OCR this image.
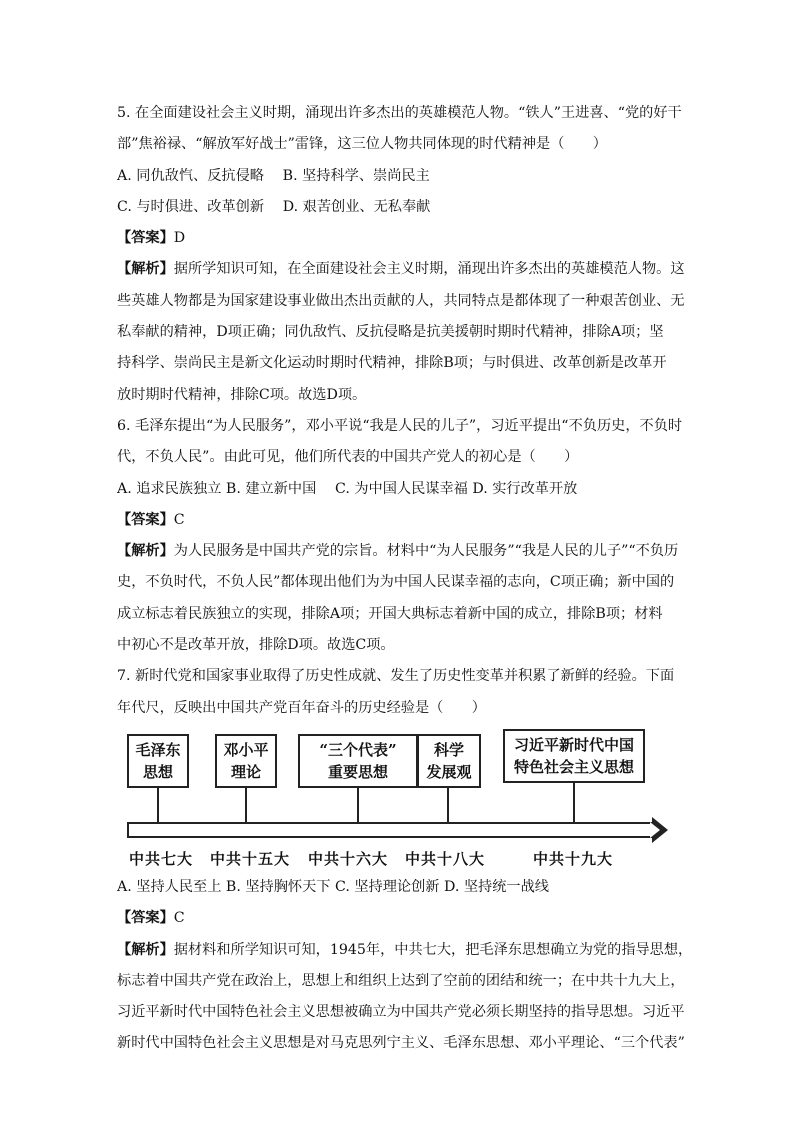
5. 在全面建设社会主义时期，涌现出许多杰出的英雄模范人物。“铁人”王进喜、“党的好干
部”焦裕禄、“解放军好战士”雷锋，这三位人物共同体现的时代精神是（　　）
A. 同仇敌忾、反抗侵略　 B. 坚持科学、崇尚民主
C. 与时俱进、改革创新　 D. 艰苦创业、无私奉献
【答案】D
【解析】据所学知识可知，在全面建设社会主义时期，涌现出许多杰出的英雄模范人物。这
些英雄人物都是为国家建设事业做出杰出贡献的人，共同特点是都体现了一种艰苦创业、无
私奉献的精神，D项正确；同仇敌忾、反抗侵略是抗美援朝时期时代精神，排除A项；坚
持科学、崇尚民主是新文化运动时期时代精神，排除B项；与时俱进、改革创新是改革开
放时期时代精神，排除C项。故选D项。
6. 毛泽东提出“为人民服务”，邓小平说“我是人民的儿子”，习近平提出“不负历史，不负时
代，不负人民”。由此可见，他们所代表的中国共产党人的初心是（　　）
A. 追求民族独立 B. 建立新中国　 C. 为中国人民谋幸福 D. 实行改革开放
【答案】C
【解析】为人民服务是中国共产党的宗旨。材料中“为人民服务”“我是人民的儿子”“不负历
史，不负时代，不负人民”都体现出他们为为中国人民谋幸福的志向，C项正确；新中国的
成立标志着民族独立的实现，排除A项；开国大典标志着新中国的成立，排除B项；材料
中初心不是改革开放，排除D项。故选C项。
7. 新时代党和国家事业取得了历史性成就、发生了历史性变革并积累了新鲜的经验。下面
年代尺，反映出中国共产党百年奋斗的历史经验是（　　）
毛泽东
思想
邓小平
理论
“三个代表”
重要思想
科学
发展观
习近平新时代中国
特色社会主义思想
中共七大 中共十五大 中共十六大 中共十八大	中共十九大
A. 坚持人民至上 B. 坚持胸怀天下 C. 坚持理论创新 D. 坚持统一战线
【答案】C
【解析】据材料和所学知识可知，1945年，中共七大，把毛泽东思想确立为党的指导思想，
标志着中国共产党在政治上，思想上和组织上达到了空前的团结和统一；在中共十九大上，
习近平新时代中国特色社会主义思想被确立为中国共产党必须长期坚持的指导思想。习近平
新时代中国特色社会主义思想是对马克思列宁主义、毛泽东思想、邓小平理论、“三个代表”
